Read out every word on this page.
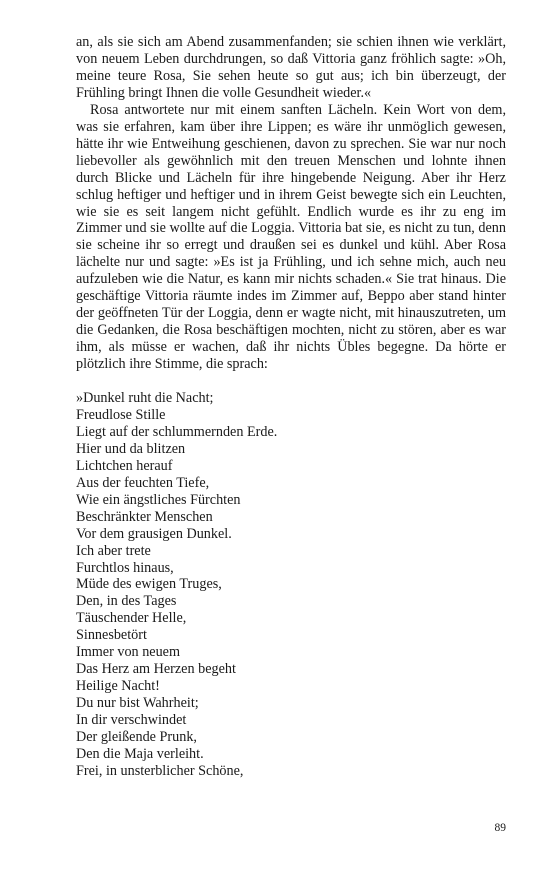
an, als sie sich am Abend zusammenfanden; sie schien ihnen wie verklärt, von neuem Leben durchdrungen, so daß Vittoria ganz fröhlich sagte: »Oh, meine teure Rosa, Sie sehen heute so gut aus; ich bin überzeugt, der Frühling bringt Ihnen die volle Gesundheit wieder.«

Rosa antwortete nur mit einem sanften Lächeln. Kein Wort von dem, was sie erfahren, kam über ihre Lippen; es wäre ihr unmöglich gewesen, hätte ihr wie Entweihung geschienen, davon zu sprechen. Sie war nur noch liebevoller als gewöhnlich mit den treuen Menschen und lohnte ihnen durch Blicke und Lächeln für ihre hingebende Neigung. Aber ihr Herz schlug heftiger und heftiger und in ihrem Geist bewegte sich ein Leuchten, wie sie es seit langem nicht gefühlt. Endlich wurde es ihr zu eng im Zimmer und sie wollte auf die Loggia. Vittoria bat sie, es nicht zu tun, denn sie scheine ihr so erregt und draußen sei es dunkel und kühl. Aber Rosa lächelte nur und sagte: »Es ist ja Frühling, und ich sehne mich, auch neu aufzuleben wie die Natur, es kann mir nichts schaden.« Sie trat hinaus. Die geschäftige Vittoria räumte indes im Zimmer auf, Beppo aber stand hinter der geöffneten Tür der Loggia, denn er wagte nicht, mit hinauszutreten, um die Gedanken, die Rosa beschäftigen mochten, nicht zu stören, aber es war ihm, als müsse er wachen, daß ihr nichts Übles begegne. Da hörte er plötzlich ihre Stimme, die sprach:

»Dunkel ruht die Nacht;
Freudlose Stille
Liegt auf der schlummernden Erde.
Hier und da blitzen
Lichtchen herauf
Aus der feuchten Tiefe,
Wie ein ängstliches Fürchten
Beschränkter Menschen
Vor dem grausigen Dunkel.
Ich aber trete
Furchtlos hinaus,
Müde des ewigen Truges,
Den, in des Tages
Täuschender Helle,
Sinnesbetört
Immer von neuem
Das Herz am Herzen begeht
Heilige Nacht!
Du nur bist Wahrheit;
In dir verschwindet
Der gleißende Prunk,
Den die Maja verleiht.
Frei, in unsterblicher Schöne,
89
